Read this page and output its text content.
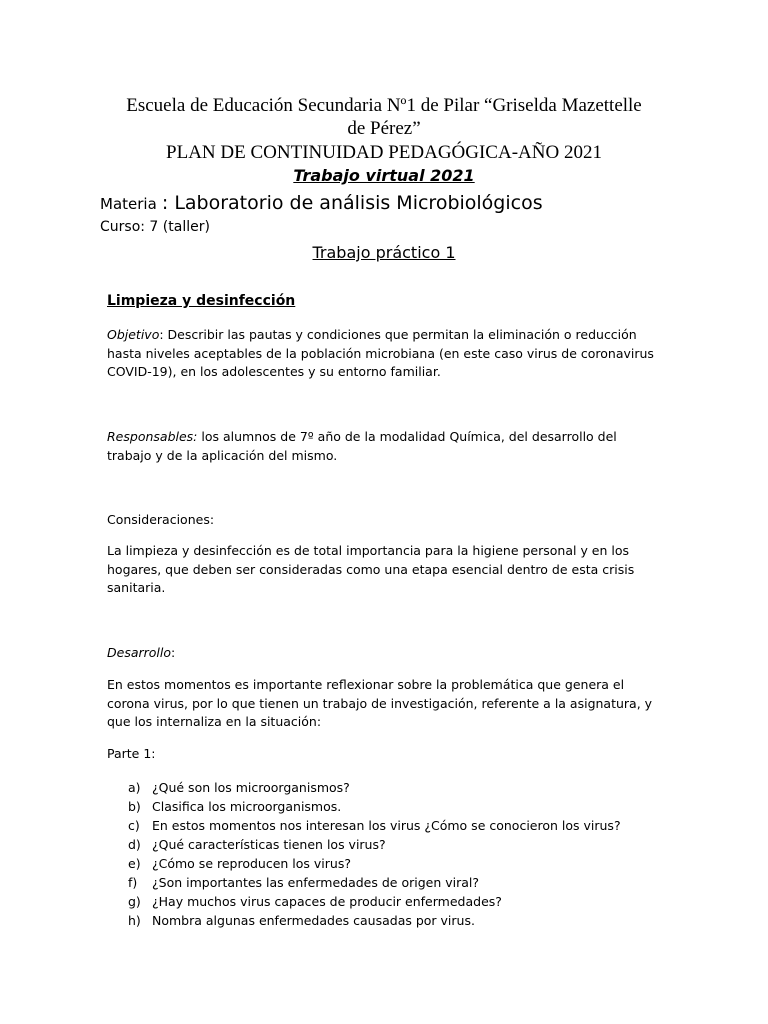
Escuela de Educación Secundaria Nº1 de Pilar “Griselda Mazettelle
de Pérez”
PLAN DE CONTINUIDAD PEDAGÓGICA-AÑO 2021
Trabajo virtual 2021
Materia : Laboratorio de análisis Microbiológicos
Curso: 7 (taller)
Trabajo práctico 1
Limpieza y desinfección
Objetivo: Describir las pautas y condiciones que permitan la eliminación o reducción hasta niveles aceptables de la población microbiana (en este caso virus de coronavirus COVID-19), en los adolescentes y su entorno familiar.
Responsables: los alumnos de 7º año de la modalidad Química, del desarrollo del trabajo y de la aplicación del mismo.
Consideraciones:
La limpieza y desinfección es de total importancia para la higiene personal y en los hogares, que deben ser consideradas como una etapa esencial dentro de esta crisis sanitaria.
Desarrollo:
En estos momentos es importante reflexionar sobre la problemática que genera el corona virus, por lo que tienen un trabajo de investigación, referente a la asignatura, y que los internaliza en la situación:
Parte 1:
a) ¿Qué son los microorganismos?
b) Clasifica los microorganismos.
c) En estos momentos nos interesan los virus ¿Cómo se conocieron los virus?
d) ¿Qué características tienen los virus?
e) ¿Cómo se reproducen los virus?
f) ¿Son importantes las enfermedades de origen viral?
g) ¿Hay muchos virus capaces de producir enfermedades?
h) Nombra algunas enfermedades causadas por virus.
